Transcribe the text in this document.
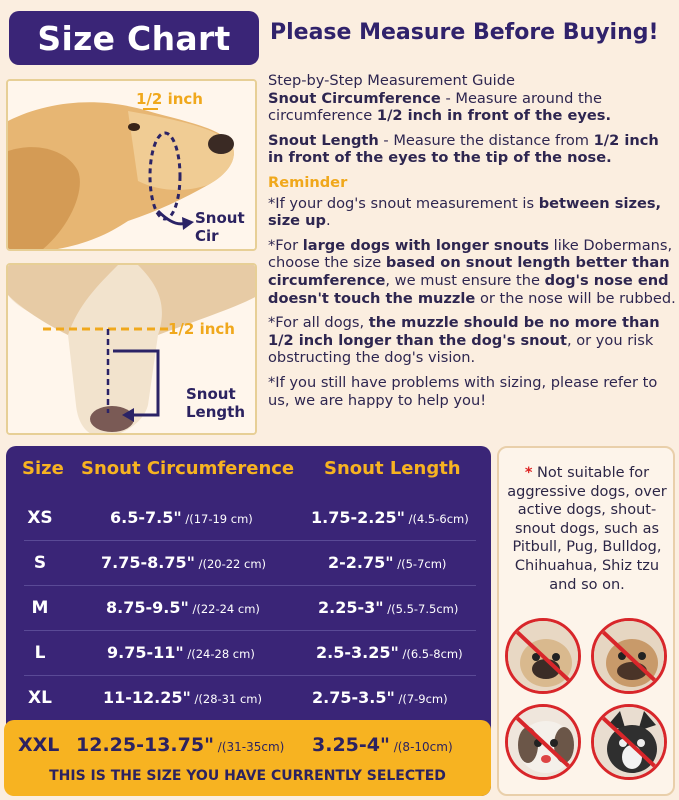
Size Chart	Please Measure Before Buying!
1/2 inch
Snout
Cir
1/2 inch
Snout
Length

Step-by-Step Measurement Guide

Snout Circumference - Measure around the circumference 1/2 inch in front of the eyes.

Snout Length - Measure the distance from 1/2 inch in front of the eyes to the tip of the nose.

Reminder

*If your dog's snout measurement is between sizes, size up.

*For large dogs with longer snouts like Dobermans, choose the size based on snout length better than circumference, we must ensure the dog's nose end doesn't touch the muzzle or the nose will be rubbed.

*For all dogs, the muzzle should be no more than 1/2 inch longer than the dog's snout, or you risk obstructing the dog's vision.

*If you still have problems with sizing, please refer to us, we are happy to help you!

Size Snout Circumference Snout Length
XS	6.5-7.5" /(17-19 cm)	1.75-2.25" /(4.5-6cm)
S	7.75-8.75" /(20-22 cm)	2-2.75" /(5-7cm)
M	8.75-9.5" /(22-24 cm)	2.25-3" /(5.5-7.5cm)
L	9.75-11" /(24-28 cm)	2.5-3.25" /(6.5-8cm)
XL	11-12.25" /(28-31 cm)	2.75-3.5" /(7-9cm)
XXL 12.25-13.75" /(31-35cm) 3.25-4" /(8-10cm)
THIS IS THE SIZE YOU HAVE CURRENTLY SELECTED
* Not suitable for aggressive dogs, over active dogs, shout-snout dogs, such as Pitbull, Pug, Bulldog, Chihuahua, Shiz tzu and so on.
